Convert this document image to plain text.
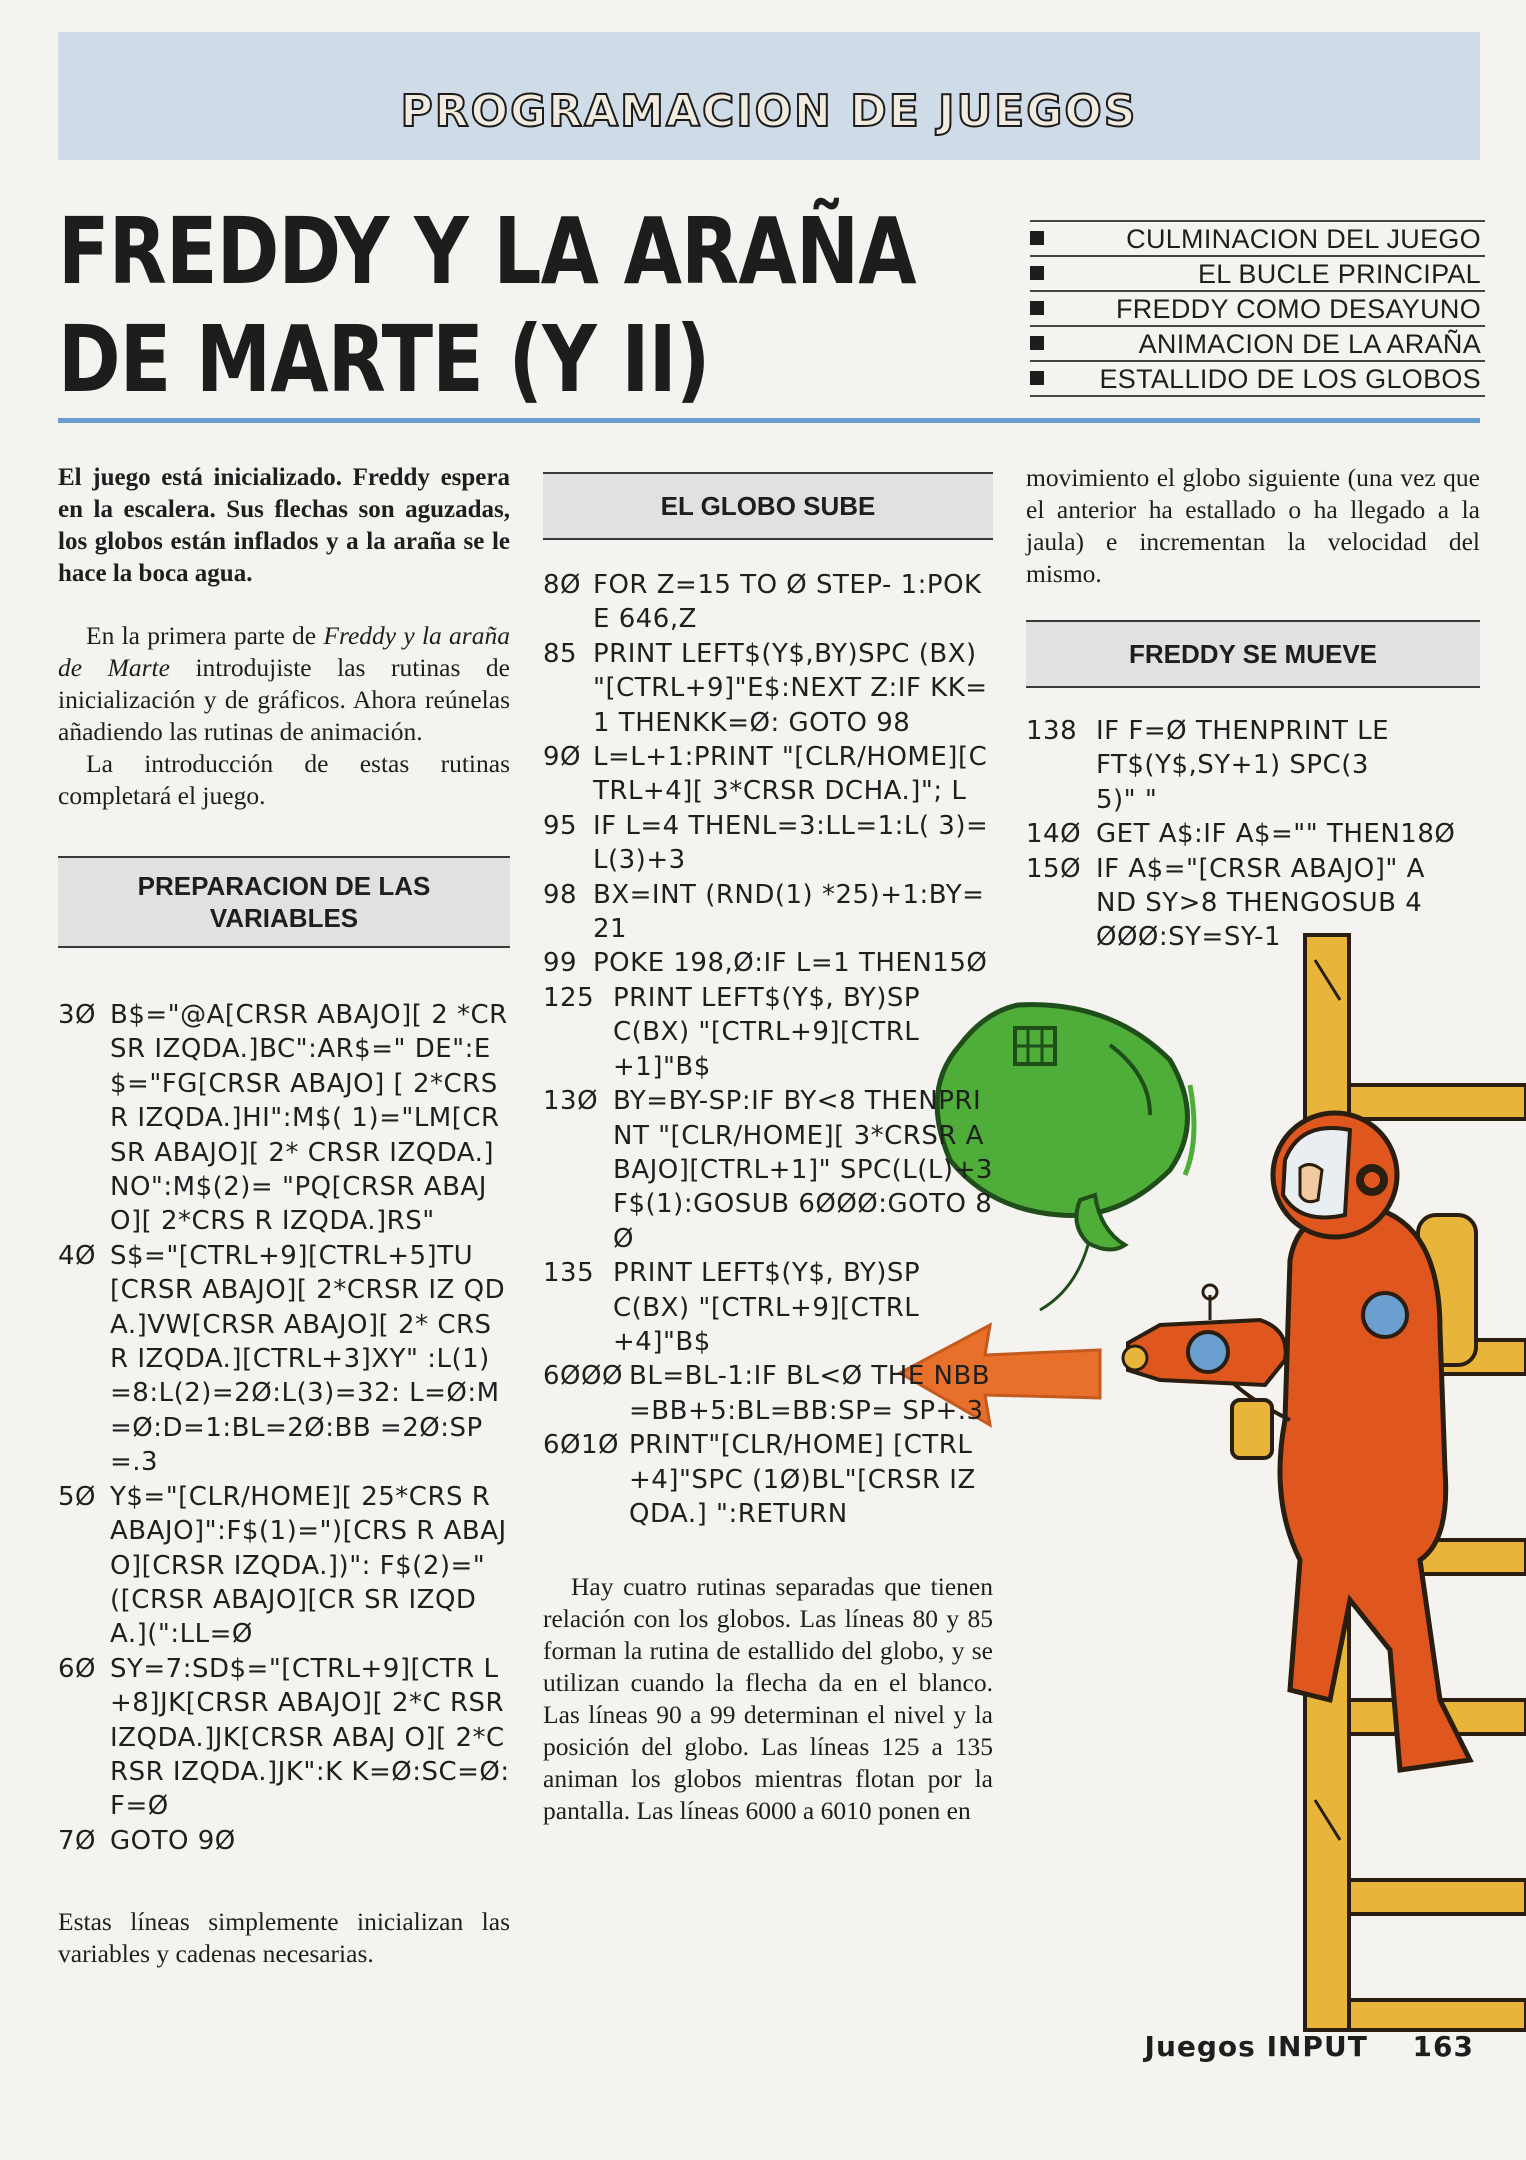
PROGRAMACION DE JUEGOS
FREDDY Y LA ARAÑA
DE MARTE (Y II)
CULMINACION DEL JUEGO
EL BUCLE PRINCIPAL
FREDDY COMO DESAYUNO
ANIMACION DE LA ARAÑA
ESTALLIDO DE LOS GLOBOS

El juego está inicializado. Freddy espera en la escalera. Sus flechas son aguzadas, los globos están inflados y a la araña se le hace la boca agua.

En la primera parte de Freddy y la araña de Marte introdujiste las rutinas de inicialización y de gráficos. Ahora reúnelas añadiendo las rutinas de animación.

La introducción de estas rutinas completará el juego.

PREPARACION DE LAS VARIABLES
3Ø B$="@A[CRSR ABAJO][ 2 *CRSR IZQDA.]BC":AR$=" DE":E$="FG[CRSR ABAJO] [ 2*CRSR IZQDA.]HI":M$( 1)="LM[CRSR ABAJO][ 2* CRSR IZQDA.]NO":M$(2)= "PQ[CRSR ABAJO][ 2*CRS R IZQDA.]RS"
4Ø S$="[CTRL+9][CTRL+5]TU [CRSR ABAJO][ 2*CRSR IZ QDA.]VW[CRSR ABAJO][ 2* CRSR IZQDA.][CTRL+3]XY" :L(1)=8:L(2)=2Ø:L(3)=32: L=Ø:M=Ø:D=1:BL=2Ø:BB =2Ø:SP=.3
5Ø Y$="[CLR/HOME][ 25*CRS R ABAJO]":F$(1)=")[CRS R ABAJO][CRSR IZQDA.])": F$(2)="([CRSR ABAJO][CR SR IZQDA.](":LL=Ø
6Ø SY=7:SD$="[CTRL+9][CTR L+8]JK[CRSR ABAJO][ 2*C RSR IZQDA.]JK[CRSR ABAJ O][ 2*CRSR IZQDA.]JK":K K=Ø:SC=Ø:F=Ø
7Ø GOTO 9Ø

Estas líneas simplemente inicializan las variables y cadenas necesarias.

EL GLOBO SUBE
8Ø FOR Z=15 TO Ø STEP- 1:POKE 646,Z
85 PRINT LEFT$(Y$,BY)SPC (BX) "[CTRL+9]"E$:NEXT Z:IF KK=1 THENKK=Ø: GOTO 98
9Ø L=L+1:PRINT "[CLR/HOME][CTRL+4][ 3*CRSR DCHA.]"; L
95 IF L=4 THENL=3:LL=1:L( 3)=L(3)+3
98 BX=INT (RND(1) *25)+1:BY=21
99 POKE 198,Ø:IF L=1 THEN15Ø
125 PRINT LEFT$(Y$, BY)SPC(BX) "[CTRL+9][CTRL+1]"B$
13Ø BY=BY-SP:IF BY<8 THENPRINT "[CLR/HOME][ 3*CRSR ABAJO][CTRL+1]" SPC(L(L)+3F$(1):GOSUB 6ØØØ:GOTO 8Ø
135 PRINT LEFT$(Y$, BY)SPC(BX) "[CTRL+9][CTRL+4]"B$
6ØØØ BL=BL-1:IF BL<Ø THE NBB=BB+5:BL=BB:SP= SP+.3
6Ø1Ø PRINT"[CLR/HOME] [CTRL+4]"SPC (1Ø)BL"[CRSR IZQDA.] ":RETURN

Hay cuatro rutinas separadas que tienen relación con los globos. Las líneas 80 y 85 forman la rutina de estallido del globo, y se utilizan cuando la flecha da en el blanco. Las líneas 90 a 99 determinan el nivel y la posición del globo. Las líneas 125 a 135 animan los globos mientras flotan por la pantalla. Las líneas 6000 a 6010 ponen en

movimiento el globo siguiente (una vez que el anterior ha estallado o ha llegado a la jaula) e incrementan la velocidad del mismo.

FREDDY SE MUEVE
138 IF F=Ø THENPRINT LEFT$(Y$,SY+1) SPC(35)" "
14Ø GET A$:IF A$="" THEN18Ø
15Ø IF A$="[CRSR ABAJO]" AND SY>8 THENGOSUB 4ØØØ:SY=SY-1
Juegos INPUT 163
